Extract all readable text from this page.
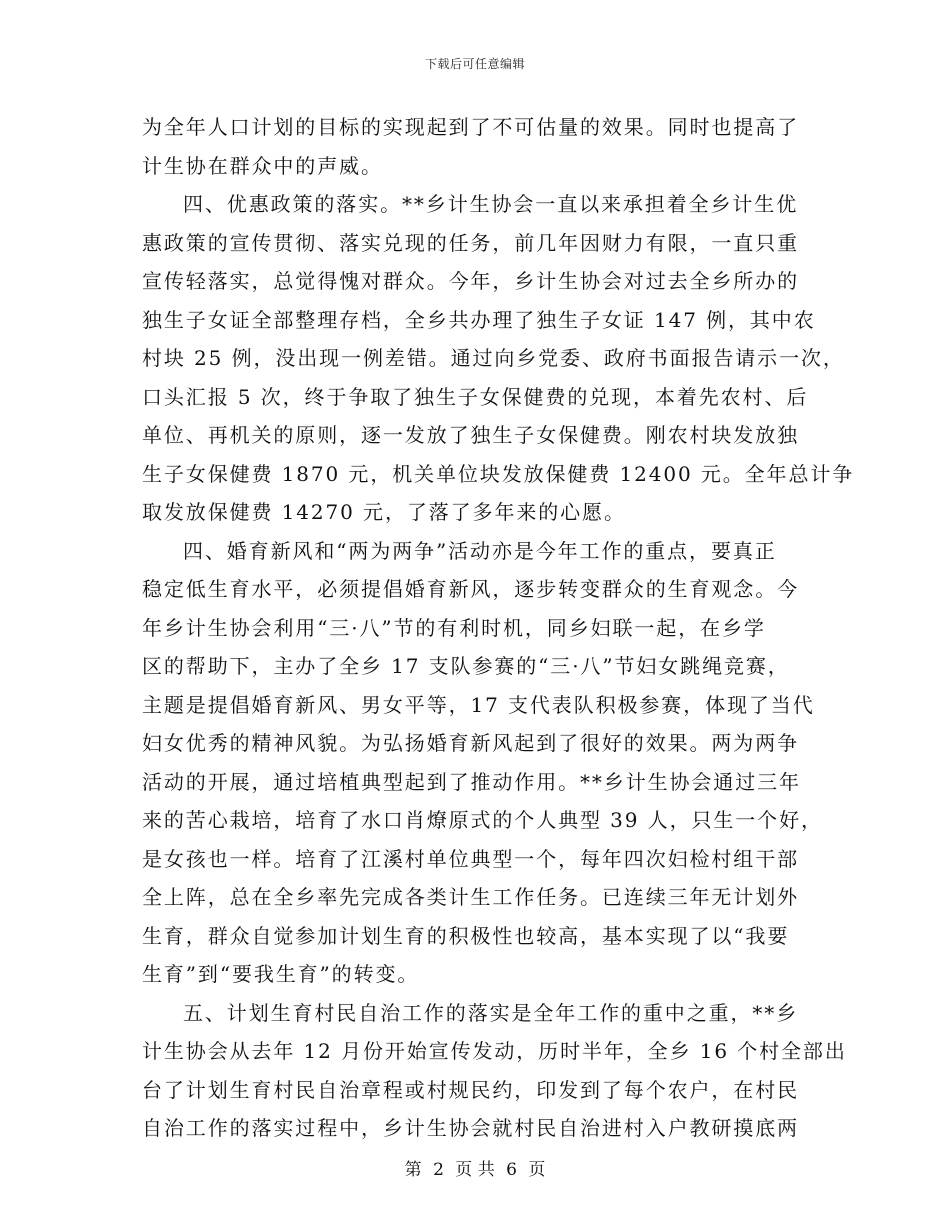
下载后可任意编辑
为全年人口计划的目标的实现起到了不可估量的效果。同时也提高了
计生协在群众中的声威。
四、优惠政策的落实。**乡计生协会一直以来承担着全乡计生优
惠政策的宣传贯彻、落实兑现的任务，前几年因财力有限，一直只重
宣传轻落实，总觉得愧对群众。今年，乡计生协会对过去全乡所办的
独生子女证全部整理存档，全乡共办理了独生子女证 147 例，其中农
村块 25 例，没出现一例差错。通过向乡党委、政府书面报告请示一次，
口头汇报 5 次，终于争取了独生子女保健费的兑现，本着先农村、后
单位、再机关的原则，逐一发放了独生子女保健费。刚农村块发放独
生子女保健费 1870 元，机关单位块发放保健费 12400 元。全年总计争
取发放保健费 14270 元，了落了多年来的心愿。
四、婚育新风和“两为两争”活动亦是今年工作的重点，要真正
稳定低生育水平，必须提倡婚育新风，逐步转变群众的生育观念。今
年乡计生协会利用“三·八”节的有利时机，同乡妇联一起，在乡学
区的帮助下，主办了全乡 17 支队参赛的“三·八”节妇女跳绳竞赛，
主题是提倡婚育新风、男女平等，17 支代表队积极参赛，体现了当代
妇女优秀的精神风貌。为弘扬婚育新风起到了很好的效果。两为两争
活动的开展，通过培植典型起到了推动作用。**乡计生协会通过三年
来的苦心栽培，培育了水口肖燎原式的个人典型 39 人，只生一个好，
是女孩也一样。培育了江溪村单位典型一个，每年四次妇检村组干部
全上阵，总在全乡率先完成各类计生工作任务。已连续三年无计划外
生育，群众自觉参加计划生育的积极性也较高，基本实现了以“我要
生育”到“要我生育”的转变。
五、计划生育村民自治工作的落实是全年工作的重中之重，**乡
计生协会从去年 12 月份开始宣传发动，历时半年，全乡 16 个村全部出
台了计划生育村民自治章程或村规民约，印发到了每个农户，在村民
自治工作的落实过程中，乡计生协会就村民自治进村入户教研摸底两
第 2 页 共 6 页
